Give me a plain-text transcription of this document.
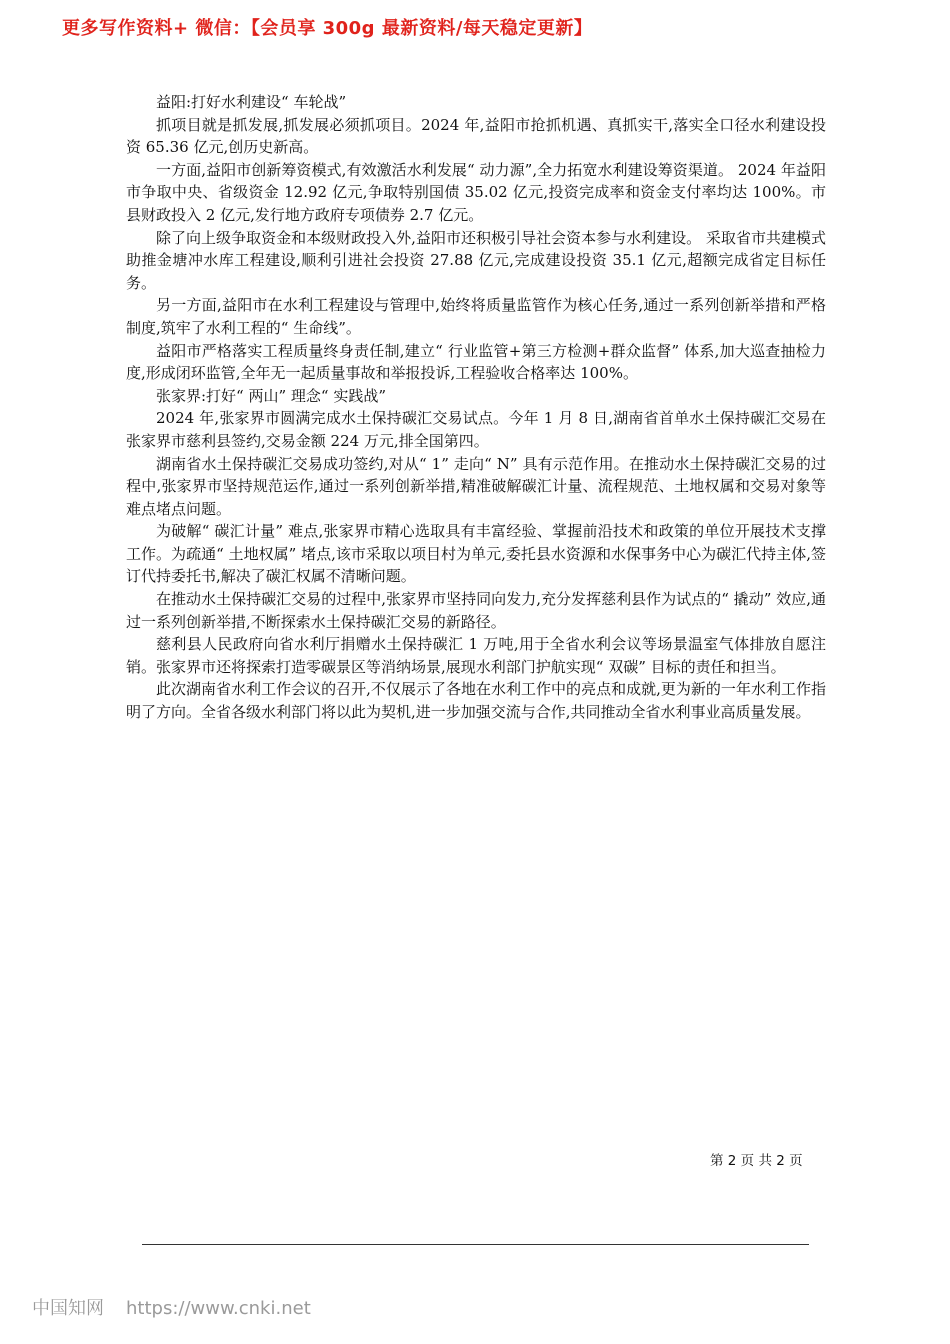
更多写作资料+ 微信：【会员享 300g 最新资料/每天稳定更新】

益阳:打好水利建设“ 车轮战”

抓项目就是抓发展,抓发展必须抓项目。2024 年,益阳市抢抓机遇、真抓实干,落实全口径水利建设投资 65.36 亿元,创历史新高。

一方面,益阳市创新筹资模式,有效激活水利发展“ 动力源”,全力拓宽水利建设筹资渠道。 2024 年益阳市争取中央、省级资金 12.92 亿元,争取特别国债 35.02 亿元,投资完成率和资金支付率均达 100%。市县财政投入 2 亿元,发行地方政府专项债券 2.7 亿元。

除了向上级争取资金和本级财政投入外,益阳市还积极引导社会资本参与水利建设。 采取省市共建模式助推金塘冲水库工程建设,顺利引进社会投资 27.88 亿元,完成建设投资 35.1 亿元,超额完成省定目标任务。

另一方面,益阳市在水利工程建设与管理中,始终将质量监管作为核心任务,通过一系列创新举措和严格制度,筑牢了水利工程的“ 生命线”。

益阳市严格落实工程质量终身责任制,建立“ 行业监管+第三方检测+群众监督” 体系,加大巡查抽检力度,形成闭环监管,全年无一起质量事故和举报投诉,工程验收合格率达 100%。

张家界:打好“ 两山” 理念“ 实践战”

2024 年,张家界市圆满完成水土保持碳汇交易试点。今年 1 月 8 日,湖南省首单水土保持碳汇交易在张家界市慈利县签约,交易金额 224 万元,排全国第四。

湖南省水土保持碳汇交易成功签约,对从“ 1” 走向“ N” 具有示范作用。在推动水土保持碳汇交易的过程中,张家界市坚持规范运作,通过一系列创新举措,精准破解碳汇计量、流程规范、土地权属和交易对象等难点堵点问题。

为破解“ 碳汇计量” 难点,张家界市精心选取具有丰富经验、掌握前沿技术和政策的单位开展技术支撑工作。为疏通“ 土地权属” 堵点,该市采取以项目村为单元,委托县水资源和水保事务中心为碳汇代持主体,签订代持委托书,解决了碳汇权属不清晰问题。

在推动水土保持碳汇交易的过程中,张家界市坚持同向发力,充分发挥慈利县作为试点的“ 撬动” 效应,通过一系列创新举措,不断探索水土保持碳汇交易的新路径。

慈利县人民政府向省水利厅捐赠水土保持碳汇 1 万吨,用于全省水利会议等场景温室气体排放自愿注销。张家界市还将探索打造零碳景区等消纳场景,展现水利部门护航实现“ 双碳” 目标的责任和担当。

此次湖南省水利工作会议的召开,不仅展示了各地在水利工作中的亮点和成就,更为新的一年水利工作指明了方向。全省各级水利部门将以此为契机,进一步加强交流与合作,共同推动全省水利事业高质量发展。

第 2 页 共 2 页
中国知网 https://www.cnki.net
